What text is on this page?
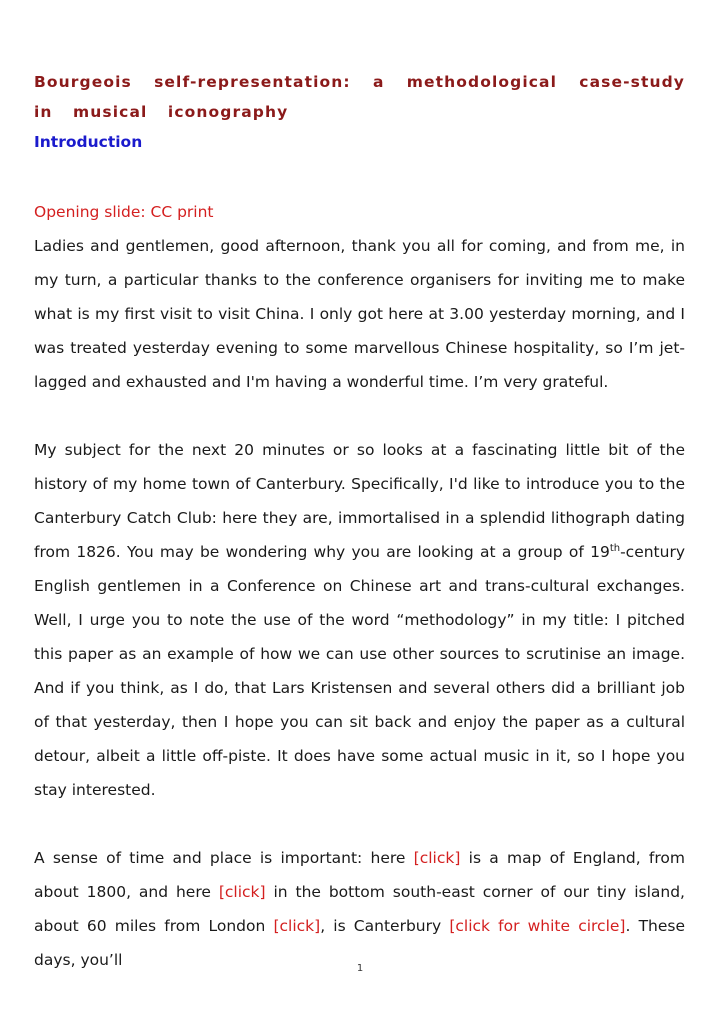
Bourgeois self-representation: a methodological case-study in musical iconography
Introduction
Opening slide: CC print

Ladies and gentlemen, good afternoon, thank you all for coming, and from me, in my turn, a particular thanks to the conference organisers for inviting me to make what is my first visit to visit China. I only got here at 3.00 yesterday morning, and I was treated yesterday evening to some marvellous Chinese hospitality, so I’m jet-lagged and exhausted and I'm having a wonderful time. I’m very grateful.

My subject for the next 20 minutes or so looks at a fascinating little bit of the history of my home town of Canterbury. Specifically, I'd like to introduce you to the Canterbury Catch Club: here they are, immortalised in a splendid lithograph dating from 1826. You may be wondering why you are looking at a group of 19th-century English gentlemen in a Conference on Chinese art and trans-cultural exchanges. Well, I urge you to note the use of the word “methodology” in my title: I pitched this paper as an example of how we can use other sources to scrutinise an image. And if you think, as I do, that Lars Kristensen and several others did a brilliant job of that yesterday, then I hope you can sit back and enjoy the paper as a cultural detour, albeit a little off-piste. It does have some actual music in it, so I hope you stay interested.

A sense of time and place is important: here [click] is a map of England, from about 1800, and here [click] in the bottom south-east corner of our tiny island, about 60 miles from London [click], is Canterbury [click for white circle]. These days, you’ll	1
